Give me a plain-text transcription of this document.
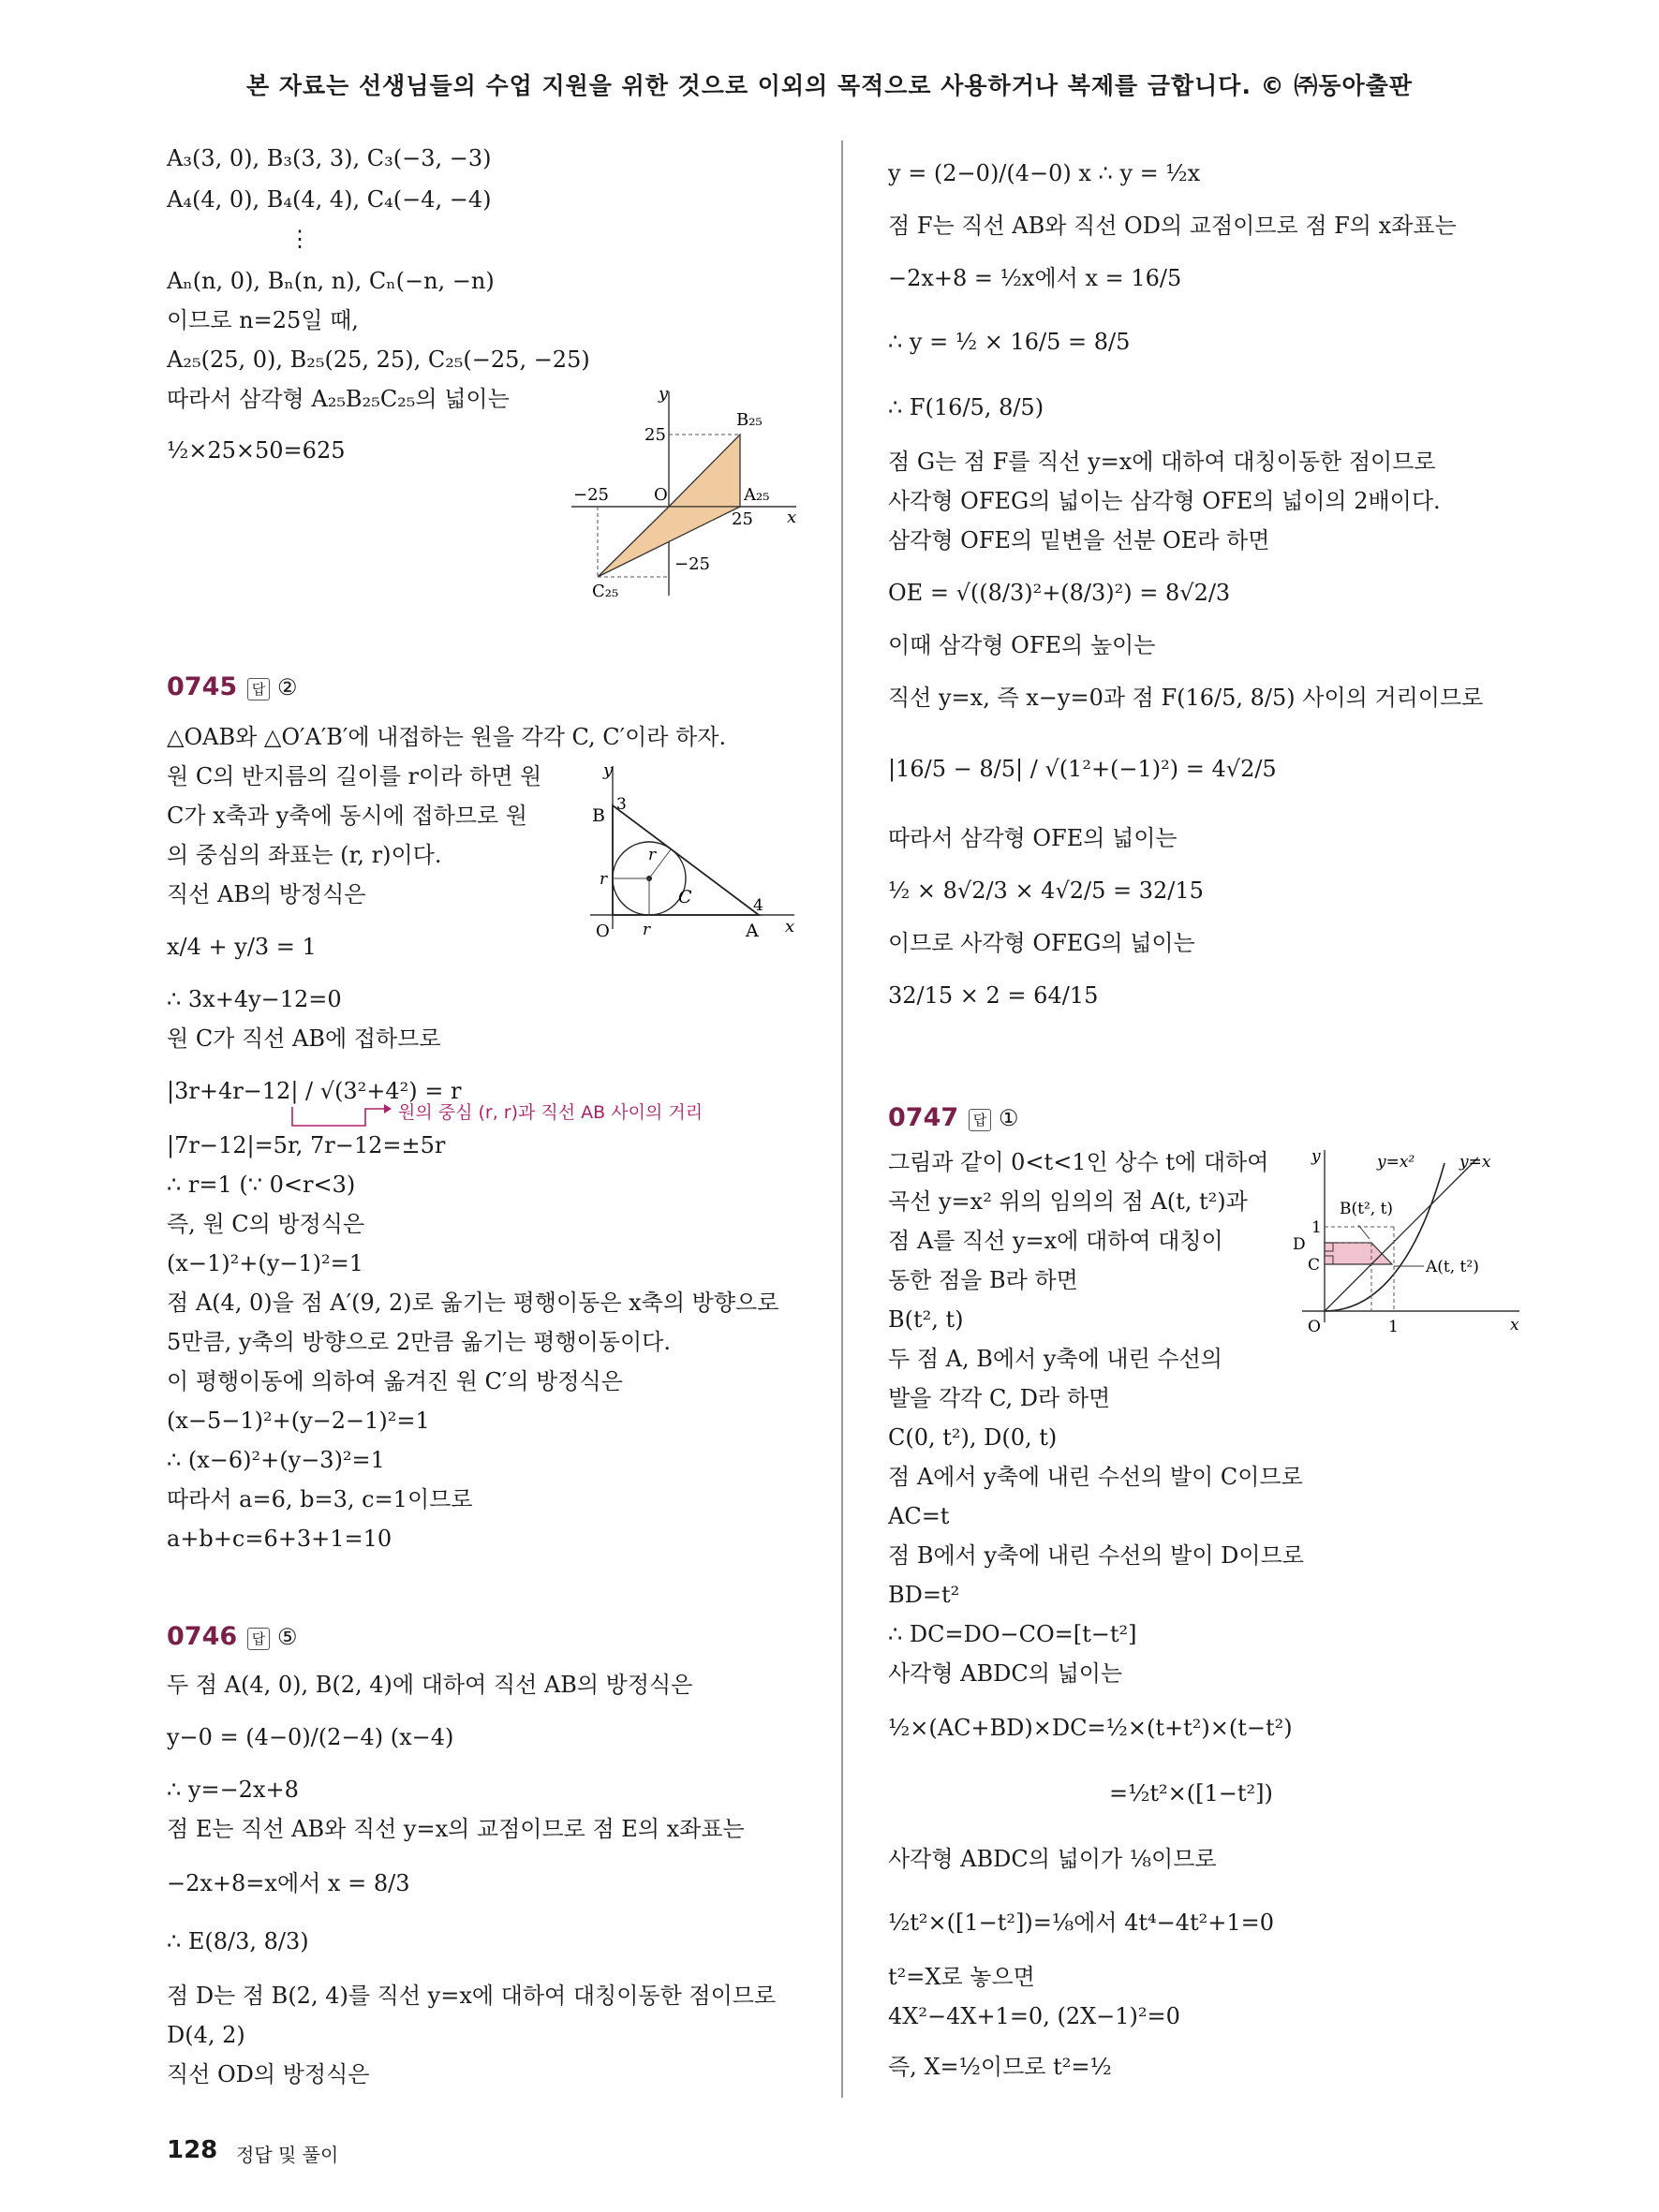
본 자료는 선생님들의 수업 지원을 위한 것으로 이외의 목적으로 사용하거나 복제를 금합니다. © ㈜동아출판
A₃(3, 0), B₃(3, 3), C₃(−3, −3)
A₄(4, 0), B₄(4, 4), C₄(−4, −4)
⋮
Aₙ(n, 0), Bₙ(n, n), Cₙ(−n, −n)
이므로 n=25일 때,
A₂₅(25, 0), B₂₅(25, 25), C₂₅(−25, −25)
따라서 삼각형 A₂₅B₂₅C₂₅의 넓이는
½×25×50=625
y
x
O
B₂₅
A₂₅
C₂₅
25
25
−25
−25
0745	답 ②
△OAB와 △O′A′B′에 내접하는 원을 각각 C, C′이라 하자.
원 C의 반지름의 길이를 r이라 하면 원
C가 x축과 y축에 동시에 접하므로 원
의 중심의 좌표는 (r, r)이다.
직선 AB의 방정식은
x/4 + y/3 = 1
∴ 3x+4y−12=0
원 C가 직선 AB에 접하므로
|3r+4r−12| / √(3²+4²) = r
원의 중심 (r, r)과 직선 AB 사이의 거리
|7r−12|=5r, 7r−12=±5r
∴ r=1 (∵ 0<r<3)
즉, 원 C의 방정식은
(x−1)²+(y−1)²=1
점 A(4, 0)을 점 A′(9, 2)로 옮기는 평행이동은 x축의 방향으로
5만큼, y축의 방향으로 2만큼 옮기는 평행이동이다.
이 평행이동에 의하여 옮겨진 원 C′의 방정식은
(x−5−1)²+(y−2−1)²=1
∴ (x−6)²+(y−3)²=1
따라서 a=6, b=3, c=1이므로
a+b+c=6+3+1=10
y
x
O
B
3
A
4
r
r
r
C
0746	답 ⑤
두 점 A(4, 0), B(2, 4)에 대하여 직선 AB의 방정식은
y−0 = (4−0)/(2−4) (x−4)
∴ y=−2x+8
점 E는 직선 AB와 직선 y=x의 교점이므로 점 E의 x좌표는
−2x+8=x에서 x = 8/3
∴ E(8/3, 8/3)
점 D는 점 B(2, 4)를 직선 y=x에 대하여 대칭이동한 점이므로
D(4, 2)
직선 OD의 방정식은
y = (2−0)/(4−0) x ∴ y = ½x
점 F는 직선 AB와 직선 OD의 교점이므로 점 F의 x좌표는
−2x+8 = ½x에서 x = 16/5
∴ y = ½ × 16/5 = 8/5
∴ F(16/5, 8/5)
점 G는 점 F를 직선 y=x에 대하여 대칭이동한 점이므로
사각형 OFEG의 넓이는 삼각형 OFE의 넓이의 2배이다.
삼각형 OFE의 밑변을 선분 OE라 하면
OE = √((8/3)²+(8/3)²) = 8√2/3
이때 삼각형 OFE의 높이는
직선 y=x, 즉 x−y=0과 점 F(16/5, 8/5) 사이의 거리이므로
|16/5 − 8/5| / √(1²+(−1)²) = 4√2/5
따라서 삼각형 OFE의 넓이는
½ × 8√2/3 × 4√2/5 = 32/15
이므로 사각형 OFEG의 넓이는
32/15 × 2 = 64/15
0747	답 ①
그림과 같이 0<t<1인 상수 t에 대하여
곡선 y=x² 위의 임의의 점 A(t, t²)과
점 A를 직선 y=x에 대하여 대칭이
동한 점을 B라 하면
B(t², t)
두 점 A, B에서 y축에 내린 수선의
발을 각각 C, D라 하면
C(0, t²), D(0, t)
점 A에서 y축에 내린 수선의 발이 C이므로
AC=t
점 B에서 y축에 내린 수선의 발이 D이므로
BD=t²
∴ DC=DO−CO=[t−t²]
사각형 ABDC의 넓이는
½×(AC+BD)×DC=½×(t+t²)×(t−t²)
=½t²×([1−t²])
사각형 ABDC의 넓이가 ⅛이므로
½t²×([1−t²])=⅛에서 4t⁴−4t²+1=0
t²=X로 놓으면
4X²−4X+1=0, (2X−1)²=0
즉, X=½이므로 t²=½
y
x
O
1
1
y=x²	y=x
B(t², t)
A(t, t²)
D
C
128 정답 및 풀이
